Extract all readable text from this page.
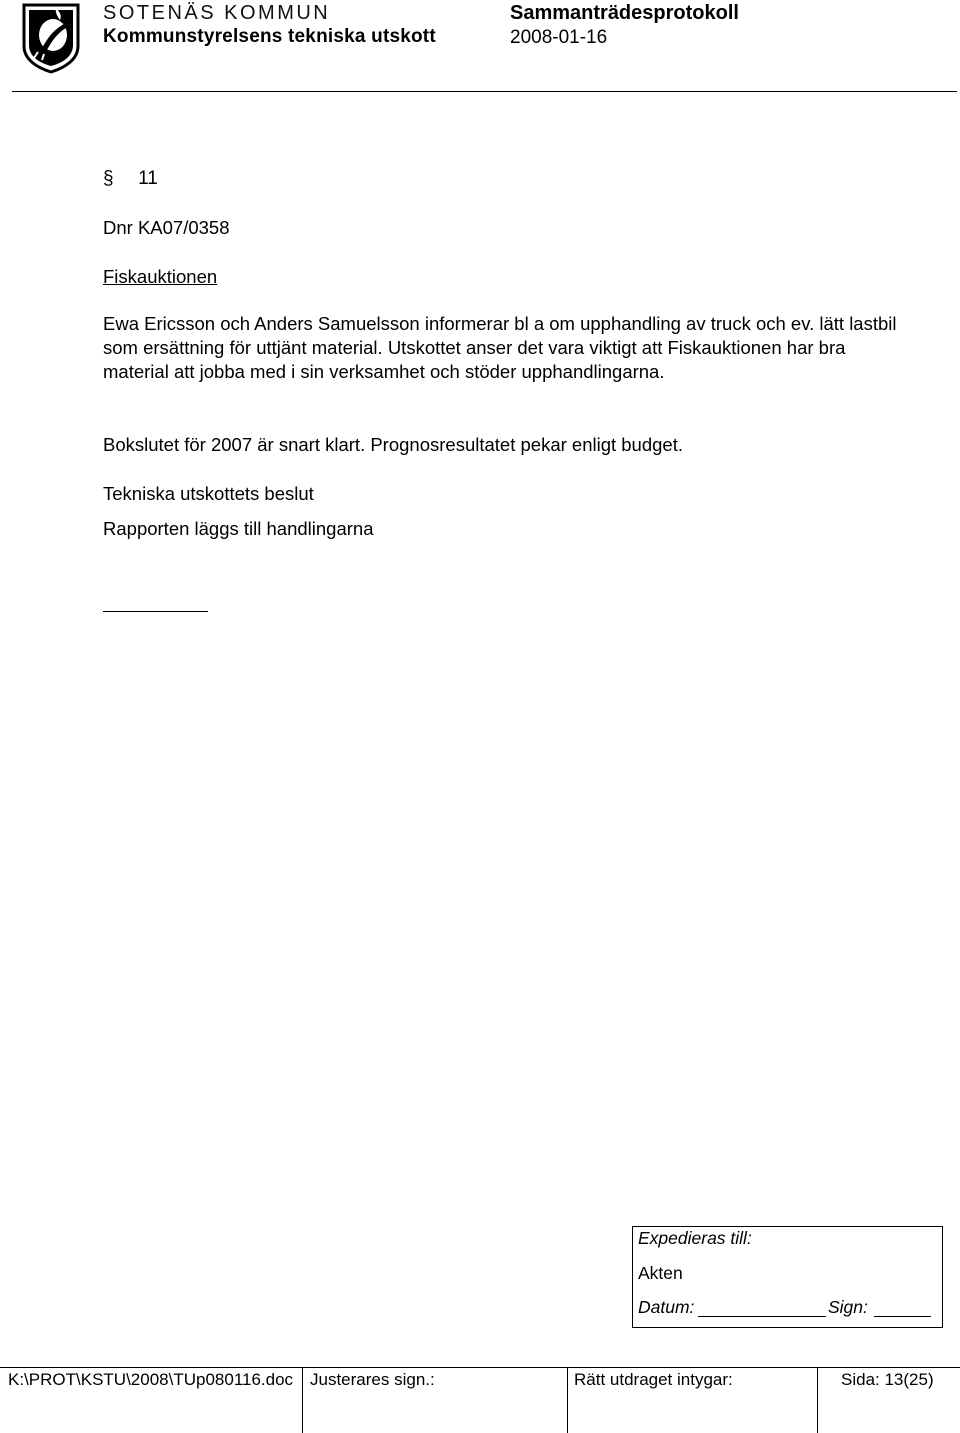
SOTENÄS KOMMUN
Kommunstyrelsens tekniska utskott
Sammanträdesprotokoll
2008-01-16
§ 11
Dnr KA07/0358
Fiskauktionen
Ewa Ericsson och Anders Samuelsson informerar bl a om upphandling av truck och ev. lätt lastbil som ersättning för uttjänt material. Utskottet anser det vara viktigt att Fiskauktionen har bra material att jobba med i sin verksamhet och stöder upphandlingarna.
Bokslutet för 2007 är snart klart. Prognosresultatet pekar enligt budget.
Tekniska utskottets beslut
Rapporten läggs till handlingarna
Expedieras till:
Akten
Datum:	Sign:
K:\PROT\KSTU\2008\TUp080116.doc Justerares sign.:	Rätt utdraget intygar:	Sida: 13(25)
